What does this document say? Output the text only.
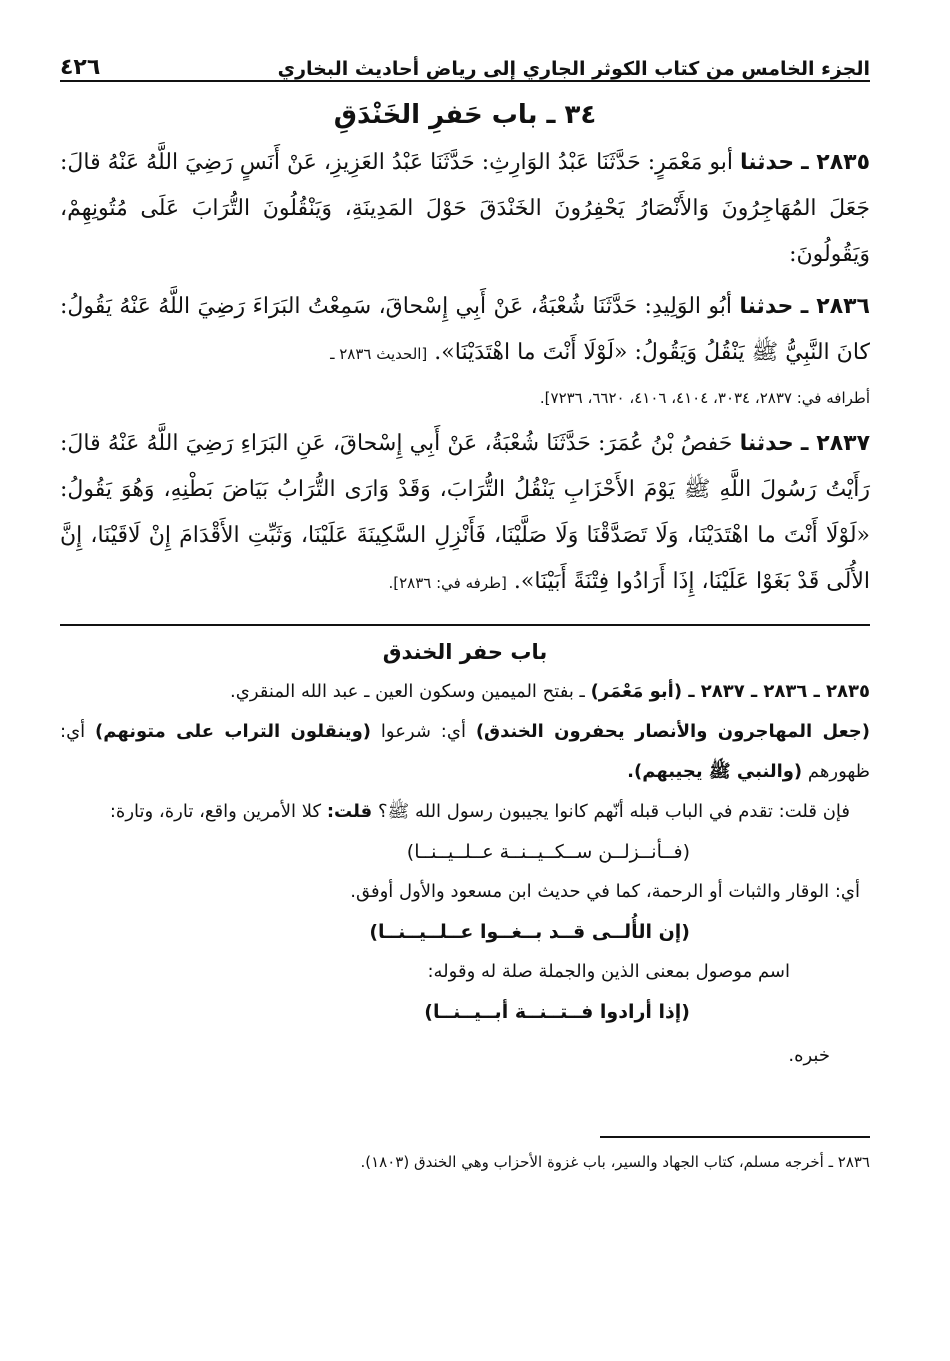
الجزء الخامس من كتاب الكوثر الجاري إلى رياض أحاديث البخاري
٤٢٦
٣٤ ـ باب حَفرِ الخَنْدَقِ
٢٨٣٥ ـ حدثنا أبو مَعْمَرٍ: حَدَّثَنَا عَبْدُ الوَارِثِ: حَدَّثَنَا عَبْدُ العَزِيزِ، عَنْ أَنَسٍ رَضِيَ اللَّهُ عَنْهُ قالَ: جَعَلَ المُهَاجِرُونَ وَالأَنْصَارُ يَحْفِرُونَ الخَنْدَقَ حَوْلَ المَدِينَةِ، وَيَنْقُلُونَ التُّرَابَ عَلَى مُتُونِهِمْ، وَيَقُولُونَ:
٢٨٣٦ ـ حدثنا أبُو الوَلِيدِ: حَدَّثَنَا شُعْبَةُ، عَنْ أَبِي إِسْحاقَ، سَمِعْتُ البَرَاءَ رَضِيَ اللَّهُ عَنْهُ يَقُولُ: كانَ النَّبِيُّ ﷺ يَنْقُلُ وَيَقُولُ: «لَوْلَا أَنْتَ ما اهْتَدَيْنَا». [الحديث ٢٨٣٦ ـ
أطرافه في: ٢٨٣٧، ٣٠٣٤، ٤١٠٤، ٤١٠٦، ٦٦٢٠، ٧٢٣٦].
٢٨٣٧ ـ حدثنا حَفصُ بْنُ عُمَرَ: حَدَّثَنَا شُعْبَةُ، عَنْ أَبِي إِسْحاقَ، عَنِ البَرَاءِ رَضِيَ اللَّهُ عَنْهُ قالَ: رَأَيْتُ رَسُولَ اللَّهِ ﷺ يَوْمَ الأَحْزَابِ يَنْقُلُ التُّرَابَ، وَقَدْ وَارَى التُّرَابُ بَيَاضَ بَطْنِهِ، وَهُوَ يَقُولُ: «لَوْلَا أَنْتَ ما اهْتَدَيْنَا، وَلَا تَصَدَّقْنَا وَلَا صَلَّيْنَا، فَأَنْزِلِ السَّكِينَةَ عَلَيْنَا، وَثَبِّتِ الأَقْدَامَ إِنْ لَاقَيْنَا، إِنَّ الأُلَى قَدْ بَغَوْا عَلَيْنَا، إِذَا أَرَادُوا فِتْنَةً أَبَيْنَا». [طرفه في: ٢٨٣٦].
باب حفر الخندق
٢٨٣٥ ـ ٢٨٣٦ ـ ٢٨٣٧ ـ (أبو مَعْمَر) ـ بفتح الميمين وسكون العين ـ عبد الله المنقري.
(جعل المهاجرون والأنصار يحفرون الخندق) أي: شرعوا (وينقلون التراب على متونهم) أي: ظهورهم (والنبي ﷺ يجيبهم).
فإن قلت: تقدم في الباب قبله أنّهم كانوا يجيبون رسول الله ﷺ؟ قلت: كلا الأمرين واقع، تارة، وتارة:
(فــأنــزلــن ســكــيــنــة عــلــيــنــا)
أي: الوقار والثبات أو الرحمة، كما في حديث ابن مسعود والأول أوفق.
(إن الأُلــى قــد بــغــوا عــلــيــنــا)
اسم موصول بمعنى الذين والجملة صلة له وقوله:
(إذا أرادوا فــتــنــة أبــيــنــا)
خبره.
٢٨٣٦ ـ أخرجه مسلم، كتاب الجهاد والسير، باب غزوة الأحزاب وهي الخندق (١٨٠٣).
